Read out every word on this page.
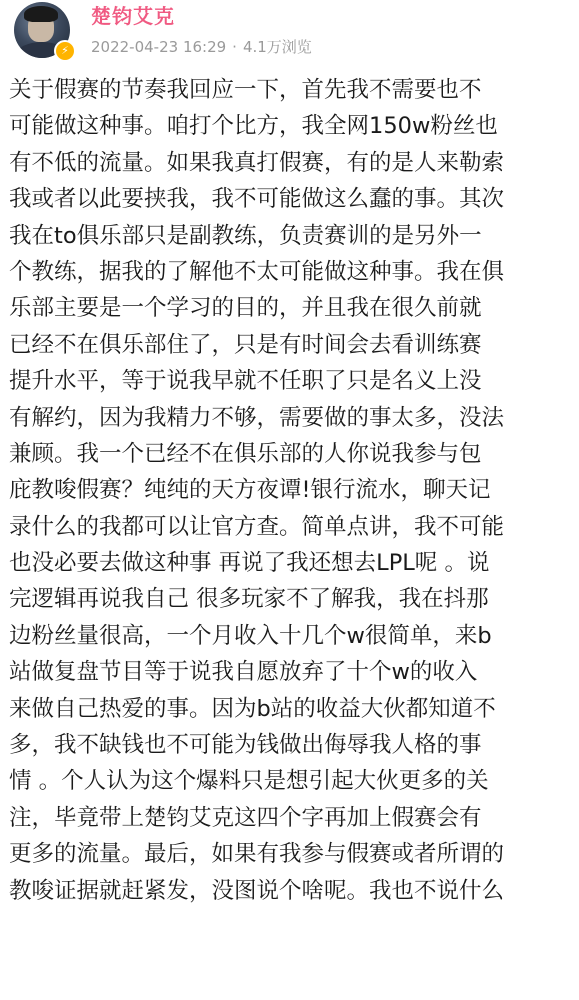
⚡
楚钧艾克
2022-04-23 16:29 · 4.1万浏览
关于假赛的节奏我回应一下，首先我不需要也不
可能做这种事。咱打个比方，我全网150w粉丝也
有不低的流量。如果我真打假赛，有的是人来勒索
我或者以此要挟我，我不可能做这么蠢的事。其次
我在to俱乐部只是副教练，负责赛训的是另外一
个教练，据我的了解他不太可能做这种事。我在俱
乐部主要是一个学习的目的，并且我在很久前就
已经不在俱乐部住了，只是有时间会去看训练赛
提升水平，等于说我早就不任职了只是名义上没
有解约，因为我精力不够，需要做的事太多，没法
兼顾。我一个已经不在俱乐部的人你说我参与包
庇教唆假赛？纯纯的天方夜谭!银行流水，聊天记
录什么的我都可以让官方查。简单点讲，我不可能
也没必要去做这种事 再说了我还想去LPL呢 。说
完逻辑再说我自己 很多玩家不了解我，我在抖那
边粉丝量很高，一个月收入十几个w很简单，来b
站做复盘节目等于说我自愿放弃了十个w的收入
来做自己热爱的事。因为b站的收益大伙都知道不
多，我不缺钱也不可能为钱做出侮辱我人格的事
情 。个人认为这个爆料只是想引起大伙更多的关
注，毕竟带上楚钧艾克这四个字再加上假赛会有
更多的流量。最后，如果有我参与假赛或者所谓的
教唆证据就赶紧发，没图说个啥呢。我也不说什么
